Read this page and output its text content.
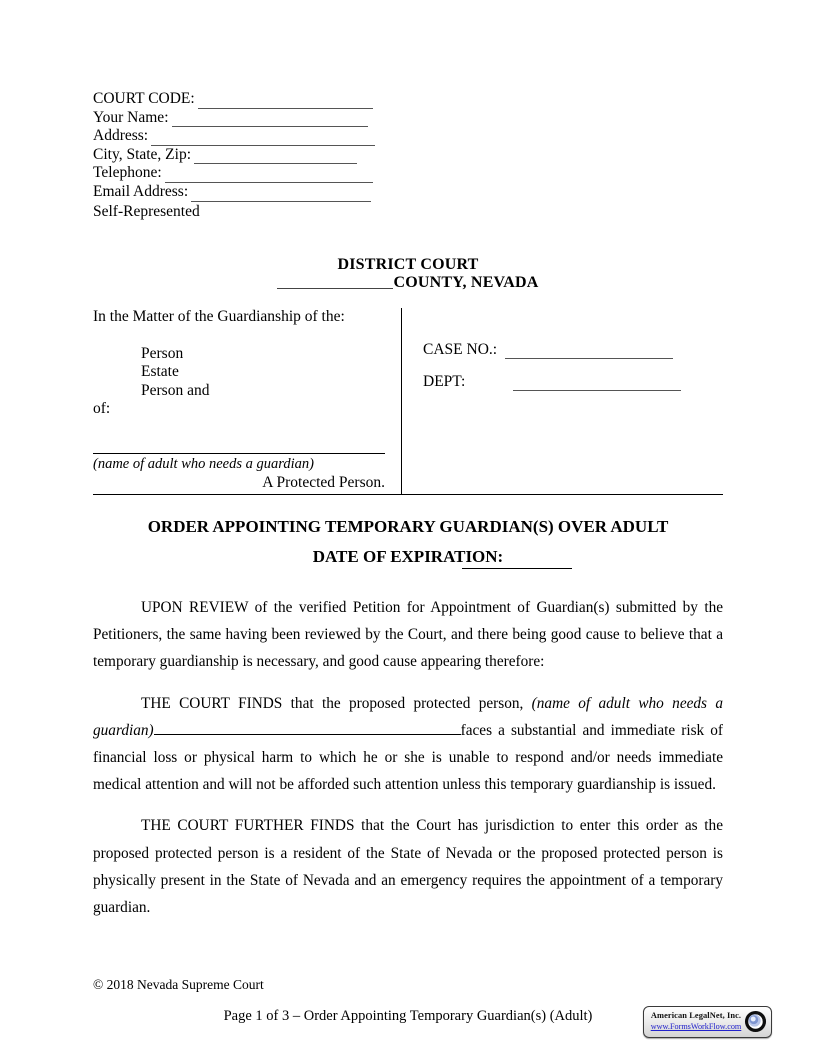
COURT CODE:
Your Name:
Address:
City, State, Zip:
Telephone:
Email Address:
Self-Represented
DISTRICT COURT
COUNTY, NEVADA
In the Matter of the Guardianship of the:
Person
Estate
Person and
of:
(name of adult who needs a guardian)
A Protected Person.
CASE NO.:
DEPT:
ORDER APPOINTING TEMPORARY GUARDIAN(S) OVER ADULT
DATE OF EXPIRATION:

UPON REVIEW of the verified Petition for Appointment of Guardian(s) submitted by the Petitioners, the same having been reviewed by the Court, and there being good cause to believe that a temporary guardianship is necessary, and good cause appearing therefore:

THE COURT FINDS that the proposed protected person, (name of adult who needs a guardian)	faces a substantial and immediate risk of financial loss or physical harm to which he or she is unable to respond and/or needs immediate medical attention and will not be afforded such attention unless this temporary guardianship is issued.

THE COURT FURTHER FINDS that the Court has jurisdiction to enter this order as the proposed protected person is a resident of the State of Nevada or the proposed protected person is physically present in the State of Nevada and an emergency requires the appointment of a temporary guardian.

© 2018 Nevada Supreme Court
Page 1 of 3 – Order Appointing Temporary Guardian(s) (Adult)	American LegalNet, Inc.
www.FormsWorkFlow.com
